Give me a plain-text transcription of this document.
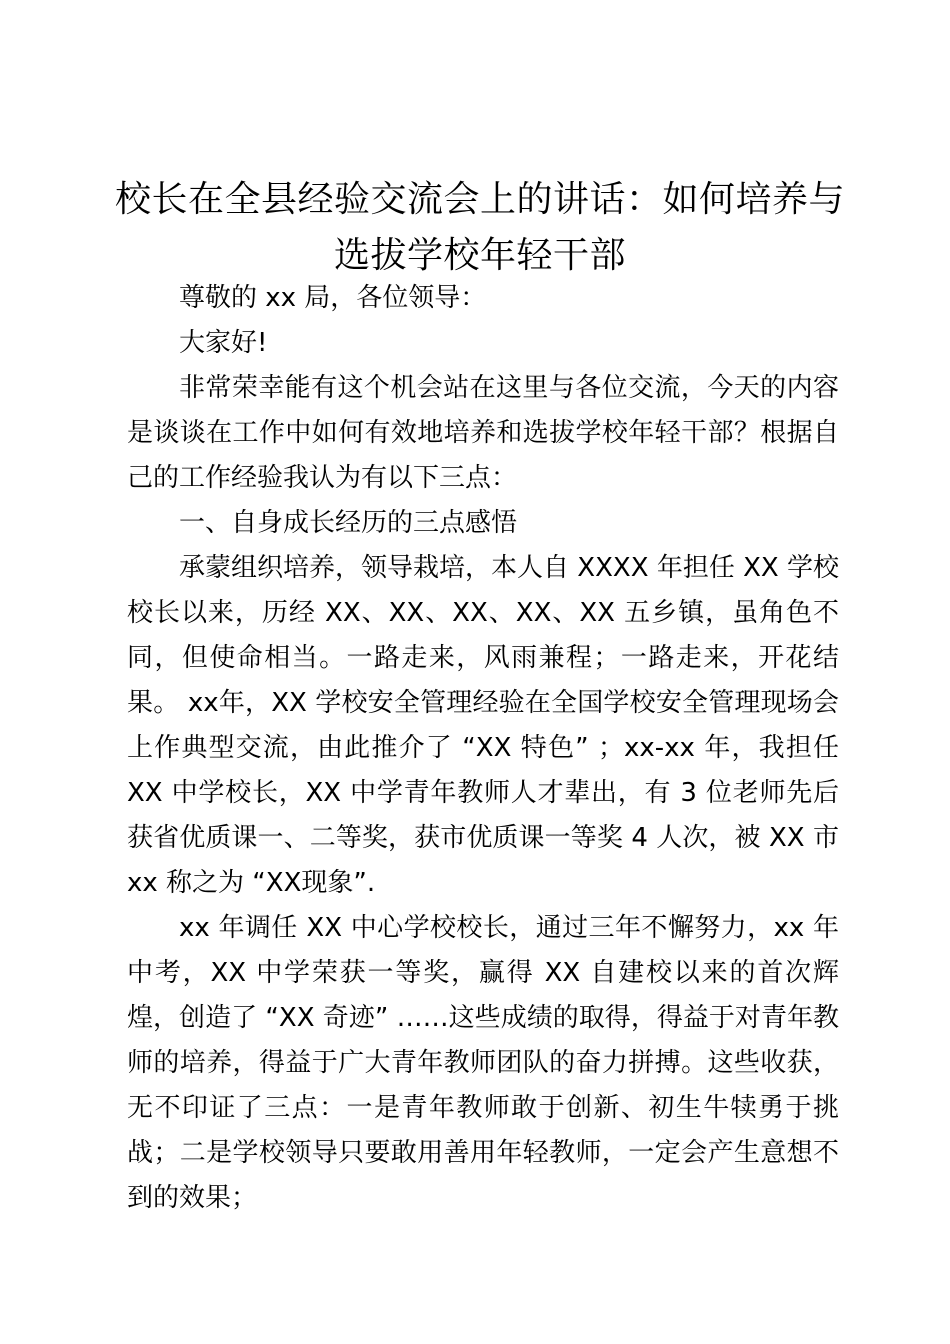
校长在全县经验交流会上的讲话：如何培养与选拔学校年轻干部

尊敬的 xx 局，各位领导：

大家好!

非常荣幸能有这个机会站在这里与各位交流，今天的内容是谈谈在工作中如何有效地培养和选拔学校年轻干部？根据自己的工作经验我认为有以下三点：

一、自身成长经历的三点感悟

承蒙组织培养，领导栽培，本人自 XXXX 年担任 XX 学校校长以来，历经 XX、XX、XX、XX、XX 五乡镇，虽角色不同，但使命相当。一路走来，风雨兼程；一路走来，开花结果。 xx年，XX 学校安全管理经验在全国学校安全管理现场会上作典型交流，由此推介了 “XX 特色” ；xx-xx 年，我担任 XX 中学校长，XX 中学青年教师人才辈出，有 3 位老师先后获省优质课一、二等奖，获市优质课一等奖 4 人次，被 XX 市 xx 称之为 “XX现象”.

xx 年调任 XX 中心学校校长，通过三年不懈努力，xx 年中考，XX 中学荣获一等奖，赢得 XX 自建校以来的首次辉煌，创造了 “XX 奇迹” ……这些成绩的取得，得益于对青年教师的培养，得益于广大青年教师团队的奋力拼搏。这些收获，无不印证了三点：一是青年教师敢于创新、初生牛犊勇于挑战；二是学校领导只要敢用善用年轻教师，一定会产生意想不到的效果；
